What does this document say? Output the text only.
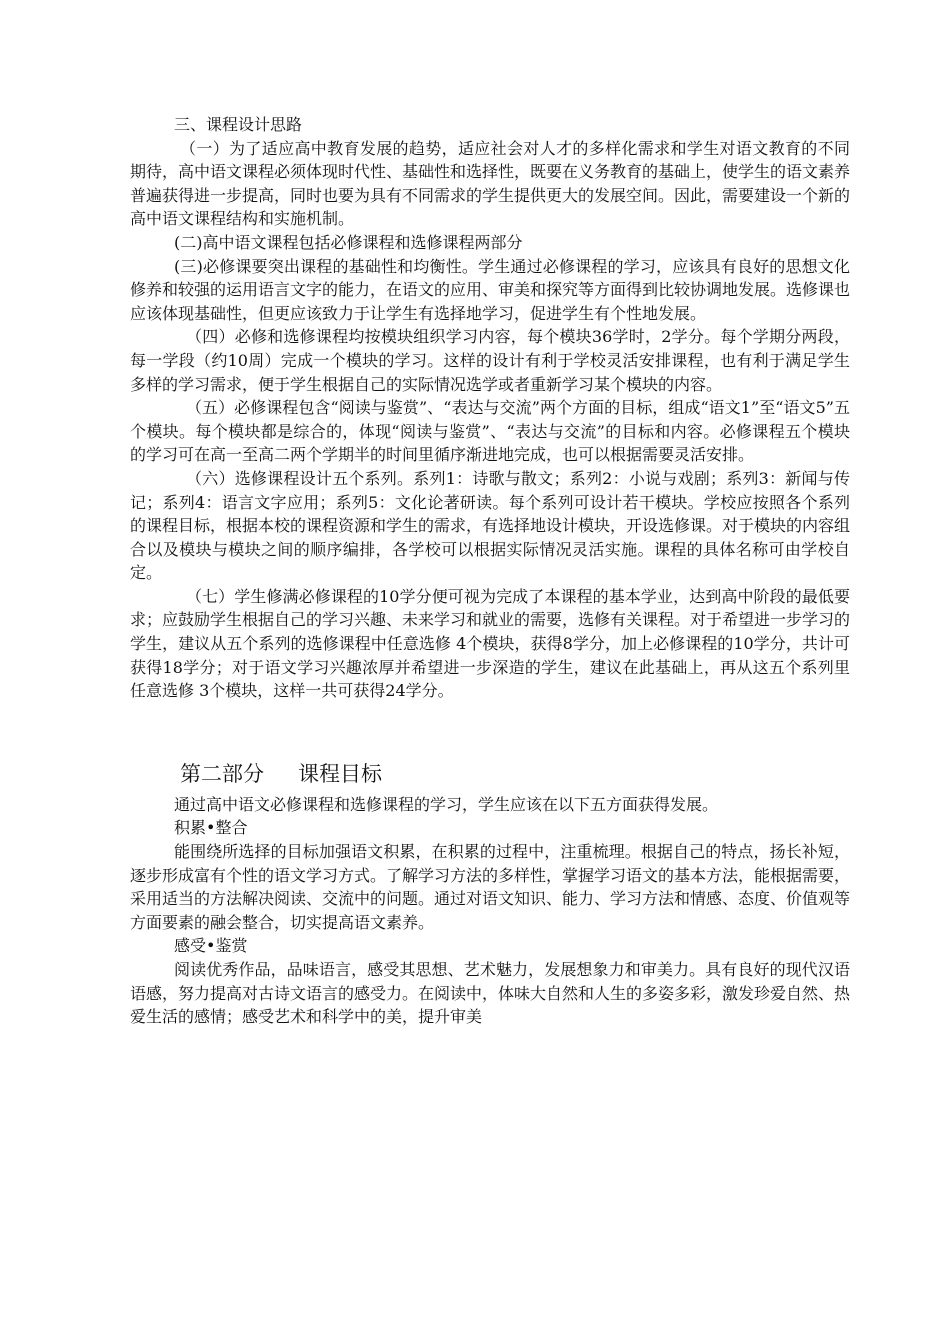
三、课程设计思路

（一）为了适应高中教育发展的趋势，适应社会对人才的多样化需求和学生对语文教育的不同期待，高中语文课程必须体现时代性、基础性和选择性，既要在义务教育的基础上，使学生的语文素养普遍获得进一步提高，同时也要为具有不同需求的学生提供更大的发展空间。因此，需要建设一个新的高中语文课程结构和实施机制。

(二)高中语文课程包括必修课程和选修课程两部分

(三)必修课要突出课程的基础性和均衡性。学生通过必修课程的学习，应该具有良好的思想文化修养和较强的运用语言文字的能力，在语文的应用、审美和探究等方面得到比较协调地发展。选修课也应该体现基础性，但更应该致力于让学生有选择地学习，促进学生有个性地发展。

（四）必修和选修课程均按模块组织学习内容，每个模块36学时，2学分。每个学期分两段，每一学段（约10周）完成一个模块的学习。这样的设计有利于学校灵活安排课程，也有利于满足学生多样的学习需求，便于学生根据自己的实际情况选学或者重新学习某个模块的内容。

（五）必修课程包含“阅读与鉴赏”、“表达与交流”两个方面的目标，组成“语文1”至“语文5”五个模块。每个模块都是综合的，体现“阅读与鉴赏”、“表达与交流”的目标和内容。必修课程五个模块的学习可在高一至高二两个学期半的时间里循序渐进地完成，也可以根据需要灵活安排。

（六）选修课程设计五个系列。系列1：诗歌与散文；系列2：小说与戏剧；系列3：新闻与传记；系列4：语言文字应用；系列5：文化论著研读。每个系列可设计若干模块。学校应按照各个系列的课程目标，根据本校的课程资源和学生的需求，有选择地设计模块，开设选修课。对于模块的内容组合以及模块与模块之间的顺序编排，各学校可以根据实际情况灵活实施。课程的具体名称可由学校自定。

（七）学生修满必修课程的10学分便可视为完成了本课程的基本学业，达到高中阶段的最低要求；应鼓励学生根据自己的学习兴趣、未来学习和就业的需要，选修有关课程。对于希望进一步学习的学生，建议从五个系列的选修课程中任意选修 4个模块，获得8学分，加上必修课程的10学分，共计可获得18学分；对于语文学习兴趣浓厚并希望进一步深造的学生，建议在此基础上，再从这五个系列里任意选修 3个模块，这样一共可获得24学分。

第二部分 课程目标

通过高中语文必修课程和选修课程的学习，学生应该在以下五方面获得发展。

积累•整合

能围绕所选择的目标加强语文积累，在积累的过程中，注重梳理。根据自己的特点，扬长补短，逐步形成富有个性的语文学习方式。了解学习方法的多样性，掌握学习语文的基本方法，能根据需要，采用适当的方法解决阅读、交流中的问题。通过对语文知识、能力、学习方法和情感、态度、价值观等方面要素的融会整合，切实提高语文素养。

感受•鉴赏

阅读优秀作品，品味语言，感受其思想、艺术魅力，发展想象力和审美力。具有良好的现代汉语语感，努力提高对古诗文语言的感受力。在阅读中，体味大自然和人生的多姿多彩，激发珍爱自然、热爱生活的感情；感受艺术和科学中的美，提升审美
